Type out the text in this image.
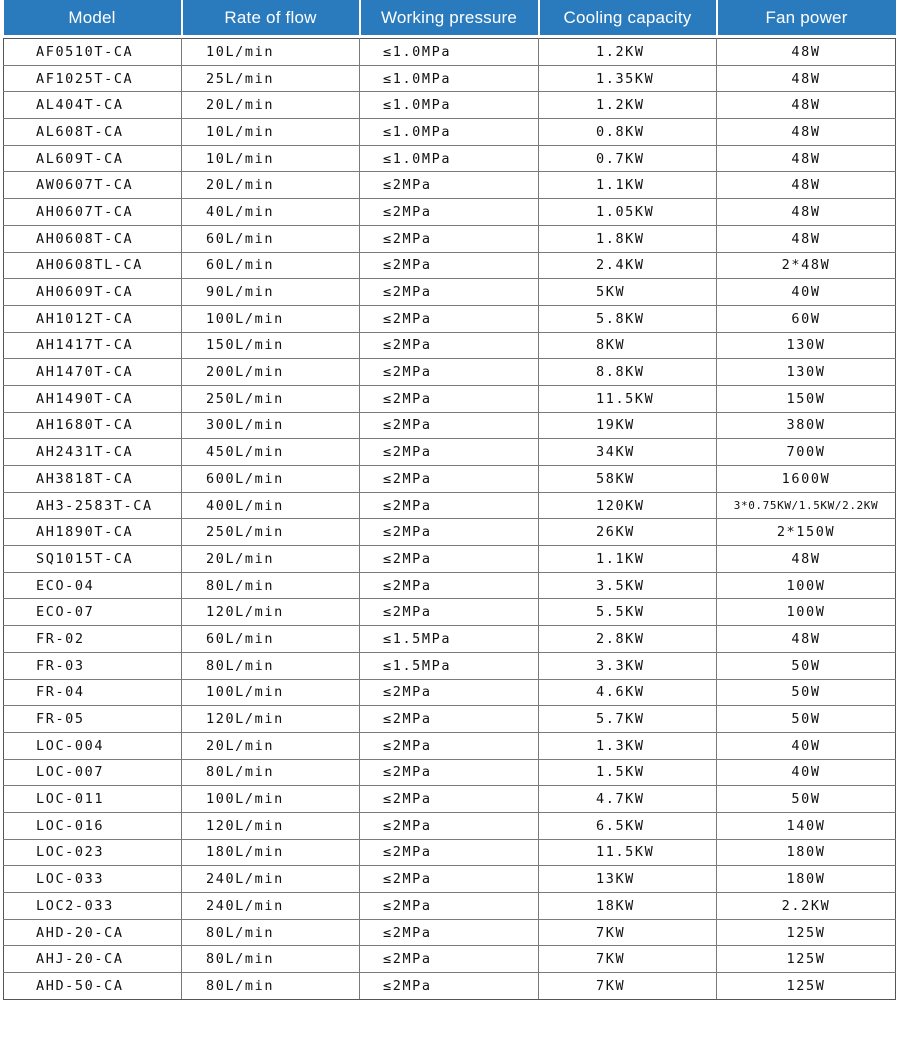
Model	Rate of flow	Working pressure	Cooling capacity	Fan power

AF0510T-CA	10L/min	≤1.0MPa	1.2KW	48W
AF1025T-CA	25L/min	≤1.0MPa	1.35KW	48W
AL404T-CA	20L/min	≤1.0MPa	1.2KW	48W
AL608T-CA	10L/min	≤1.0MPa	0.8KW	48W
AL609T-CA	10L/min	≤1.0MPa	0.7KW	48W
AW0607T-CA	20L/min	≤2MPa	1.1KW	48W
AH0607T-CA	40L/min	≤2MPa	1.05KW	48W
AH0608T-CA	60L/min	≤2MPa	1.8KW	48W
AH0608TL-CA	60L/min	≤2MPa	2.4KW	2*48W
AH0609T-CA	90L/min	≤2MPa	5KW	40W
AH1012T-CA	100L/min	≤2MPa	5.8KW	60W
AH1417T-CA	150L/min	≤2MPa	8KW	130W
AH1470T-CA	200L/min	≤2MPa	8.8KW	130W
AH1490T-CA	250L/min	≤2MPa	11.5KW	150W
AH1680T-CA	300L/min	≤2MPa	19KW	380W
AH2431T-CA	450L/min	≤2MPa	34KW	700W
AH3818T-CA	600L/min	≤2MPa	58KW	1600W
AH3-2583T-CA	400L/min	≤2MPa	120KW	3*0.75KW/1.5KW/2.2KW
AH1890T-CA	250L/min	≤2MPa	26KW	2*150W
SQ1015T-CA	20L/min	≤2MPa	1.1KW	48W
ECO-04	80L/min	≤2MPa	3.5KW	100W
ECO-07	120L/min	≤2MPa	5.5KW	100W
FR-02	60L/min	≤1.5MPa	2.8KW	48W
FR-03	80L/min	≤1.5MPa	3.3KW	50W
FR-04	100L/min	≤2MPa	4.6KW	50W
FR-05	120L/min	≤2MPa	5.7KW	50W
LOC-004	20L/min	≤2MPa	1.3KW	40W
LOC-007	80L/min	≤2MPa	1.5KW	40W
LOC-011	100L/min	≤2MPa	4.7KW	50W
LOC-016	120L/min	≤2MPa	6.5KW	140W
LOC-023	180L/min	≤2MPa	11.5KW	180W
LOC-033	240L/min	≤2MPa	13KW	180W
LOC2-033	240L/min	≤2MPa	18KW	2.2KW
AHD-20-CA	80L/min	≤2MPa	7KW	125W
AHJ-20-CA	80L/min	≤2MPa	7KW	125W
AHD-50-CA	80L/min	≤2MPa	7KW	125W
